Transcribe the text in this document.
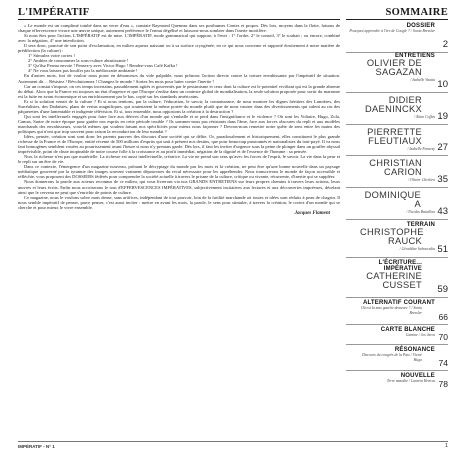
L'IMPÉRATIF	SOMMAIRE

« Le monde est un complimé tombé dans un verre d'eau », constate Raymond Queneau dans ses posthumes Contes et propos. Dès lors, moyens dans la flotte, faisons de chaque effervescence vivace une œuvre unique, autrement préférence le l'ennui dégélisé et luissons-nous sombrer dans l'inerte mortifère.

Si nous êtes pour l'action, L'IMPÉRATIF est de mise. L'IMPÉRATIF, mode grammatical qui suppose, à l'envi : 1° l'ordre, 2° le conseil, 3° le souhait ; ou encore, combiné avec la négation, 4° une interdiction.

Il sera donc, ponctué de son point d'exclamation, en milieu aqueux naissant ou à sa surface cryogénée, en ce qui nous concerne et rapporté étroitement à notre matière de prédilection (la culture) :

1° Stimulez votre cortex !
2° Ambiez de consommer la sous-culture abrutissante !
3° Qu'ilsz Pesma envoie ! Pensez-y avec Victor Hugo ! Rendez-vous Café Kafka !
4° Ne vous laissez pas bouffer par la médiocratie ambiante !

En d'autres mots, fort de vouloir nous poser en dénonceurs du vide palpable, nous prônons l'action directe contre la torture envahissante par l'impératif de situation. Autrement dit… Résistez ! Révolutionnez ! Changez le monde ! Sortez les mots pour lutter contre l'inertie !

Car un constat s'impose, on ces temps incertains, passablement agités et gouvernés par le pessimisme et ceux dont la culture est le potentiel vivifiant qui est la grande absente du débat. Alors que la France est toujours un état d'urgence et que l'Europe s'enlise dans un contexte global de mondialisation, la seule solution proposée pour sortir du marasme est la fuite en avant économique et un enrichissement par le bas, copié sur les standards américains.

Et si la solution venait de la culture ? Et si nous tentions, par la culture, l'éducation, le savoir, la connaissance, de nous montrer les dignes héritiers des Lumières, des Surréalistes, des Dadaïstes, plans de vertus magnifiques, qui soutenaient la même portée du monde plutôt que de nous vautrer dans des divertissements qui valent au ras des pâquerettes d'une lamentable et indigente télévision. Et si, tous ensemble, nous opposions la création à la destruction ?

Qui sont les intellectuels engagés pour faire face aux dérives d'un monde qui s'emballe et se perd dans l'insignifiance et le violence ? Où sont les Voltaire, Hugo, Zola, Camus, Sartre de notre époque pour guider nos esprits en cette période trouble ? Ils sommes-nous pas résistants dans l'âme, face aux forces obscures du repli et aux modèles marchands des envahisseurs, vous-là mêmes qui voulent faisant nos spécificités pour mieux nous façonner ? Devons-nous remettre notre quête de sens entre les mains des politiques qui n'ont que trop souvent pour raison la reconduction de leur mandat ?

Idées, pensée, création sont sont donc les parents pauvres des discours d'une société qui se délite. Or, paradoxalement et historiquement, elles constituent le plus grande richesse de la France et de l'Europe, entité récente de 500 millions d'esprits qui unit à présent nos destins, que pour beaucoup passionnés et nationalistes du tout-payé. Il va nous faut homogènes semblent vouées au pourrissement avant l'heure si nous n'y prenons garde. Dès lors, il faut les inviter d'urgence sous la peine de plonger dans un gouffre abyssal imprévisible, point de chute inopinable de notre course folle à la croissance et au profit immédiat, négation de la dignité et de l'essence de l'homme : sa pensée.

Non, la richesse n'est pas que matérielle. La richesse est aussi intellectuelle, créatrice. La vie ne prend son sens qu'avec les forces de l'esprit, le savoir. La vie dans la peur et le repli sur un être de vie.

Dans ce contexte, l'émergence d'un magazine nouveau, prônant le décryptage du monde par les mots et la création, ne peut être qu'une bonne nouvelle dans un paysage médiatique gouverné par la tyrannie des images souvent vraiment dépourvues du recul nécessaire pour les appréhender. Nous transcrivons le monde de façon accessible et réfléchie, vous proposent des DOSSIERS fédérés pour comprendre la société actuelle à travers le prisme de la culture, critique ou vivante, récurrente, d'inertie qui se suppléer.

Nous donnerons la parole aux acteurs reconnus de ce milieu, qui vous livreront via nos GRANDS ENTRETIENS sur leurs propres chemins à travers leurs actions, leurs œuvres et leurs écrits. Enfin nous accoiserons le tout d'EFFERVESCENCES IMPÉRATIVES, subjectivement incitatives aux lectures et aux découvertes imprévues, décelant ainsi que le cerveau ne peut que s'enrichir de points de culture.

Ce magazine, nous le voulons sobre mais dense, sans artifices, indépendant de tout pouvoir, loin de la futilité marchande où toutes et idées sont réduits à peau de chagrin. Il nous semble impératif de penser, parce penser, c'est aussi inciter : mettre en avant les mots, la parole, le sens pour stimuler, à travers la création, le cortex d'un monde qui se cherche et pour mieux le vivre ensemble.

Jacques Flament
DOSSIER
Pourquoi apprendre à l'ère de Google ? / Sonia Bressler
2
ENTRETIENS
OLIVIER DE SAGAZAN
/ Isabelle Vautta 10
DIDIER DAENINCKX
/ Alain Coffas 19
PIERRETTE FLEUTIAUX
/ Isabelle Fennesy 27
CHRISTIAN CARION
/ Olivier Chrétien 35
DOMINIQUE A
/ Nicolas Bataillon 43
TERRAIN
CHRISTOPHE RAUCK
/ Géraldine Seboursdin 51
L'ÉCRITURE... IMPÉRATIVE
CATHERINE CUSSET	59
ALTERNATIF COURANT
Où est la mas gauche demeure ? / Sonia Bressler	66
CARTE BLANCHE
Gamine / Jos Jaros 70
RÉSONANCE
Discours du congrès de la Paix / Victor Hugo	74
NOUVELLE
Terre maudite / Laurent Henrus 78
IMPÉRATIF - N° 1	1
